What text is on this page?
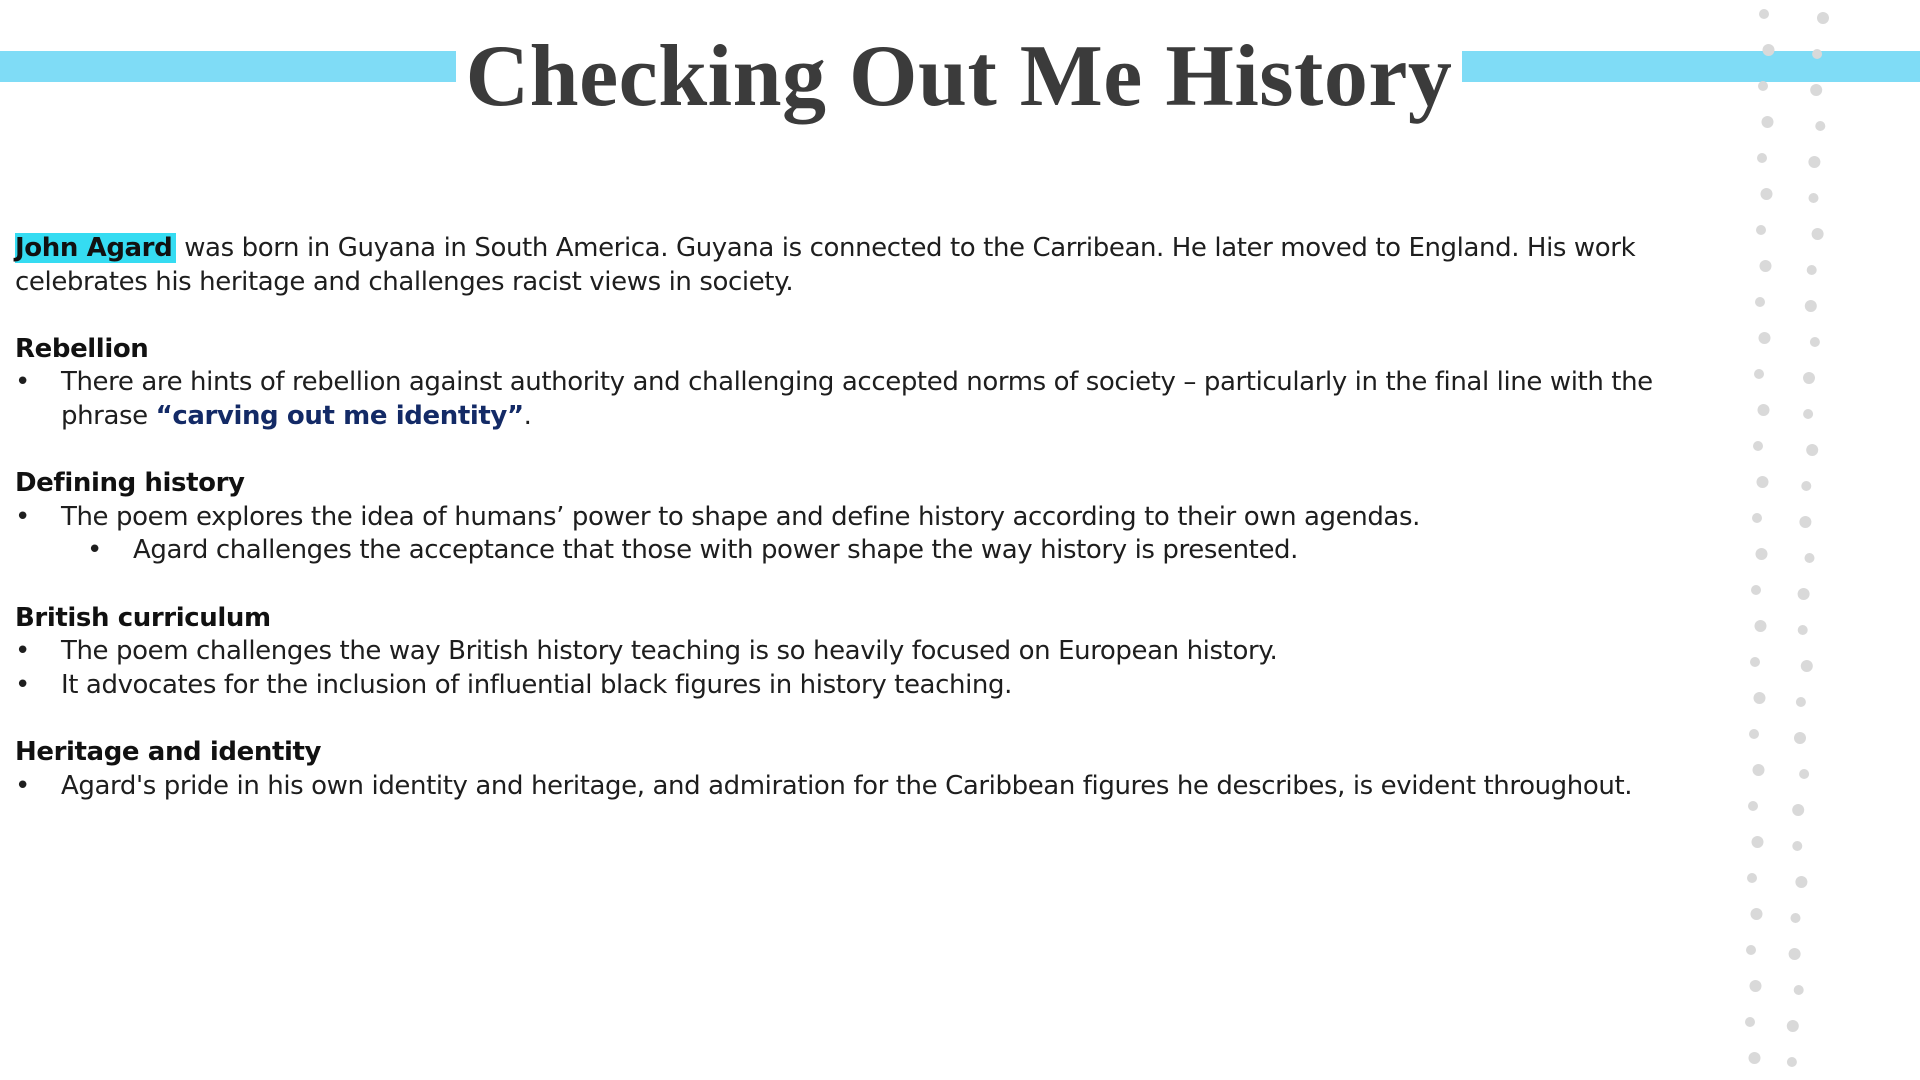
Checking Out Me History

John Agard was born in Guyana in South America. Guyana is connected to the Carribean. He later moved to England. His work celebrates his heritage and challenges racist views in society.

Rebellion
• There are hints of rebellion against authority and challenging accepted norms of society – particularly in the final line with the phrase “carving out me identity”.
Defining history
• The poem explores the idea of humans’ power to shape and define history according to their own agendas.
• Agard challenges the acceptance that those with power shape the way history is presented.
British curriculum
• The poem challenges the way British history teaching is so heavily focused on European history.
• It advocates for the inclusion of influential black figures in history teaching.
Heritage and identity
• Agard's pride in his own identity and heritage, and admiration for the Caribbean figures he describes, is evident throughout.
